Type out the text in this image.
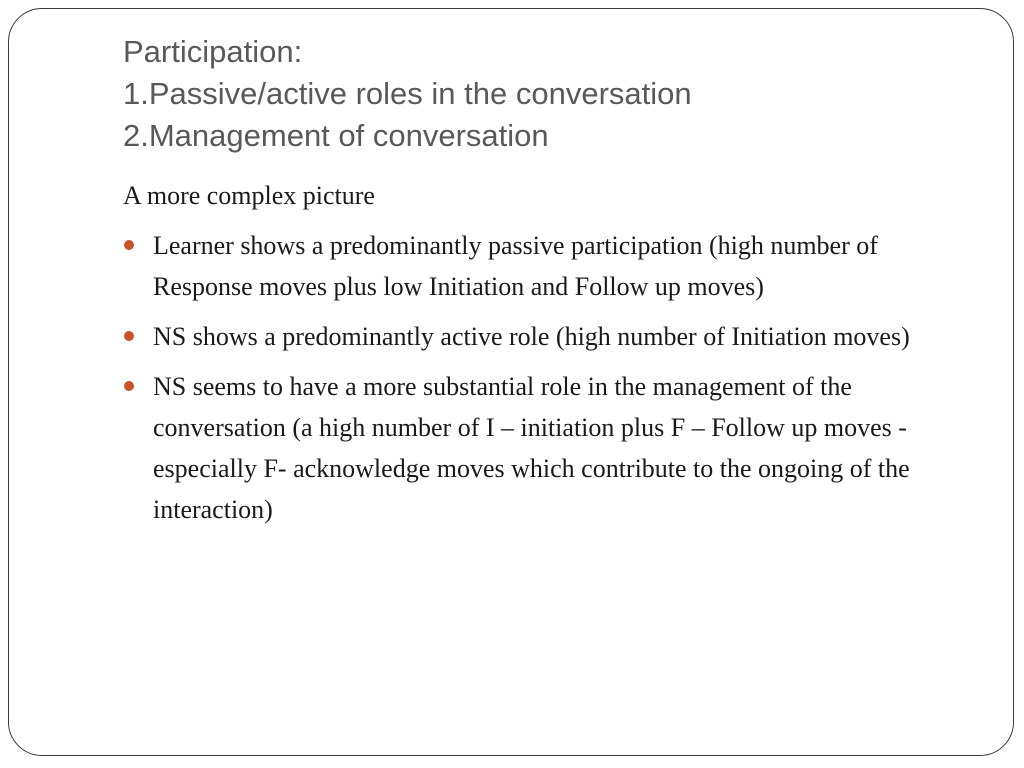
Participation:
1.Passive/active roles in the conversation
2.Management of conversation
A more complex picture
Learner shows a predominantly passive participation (high number of Response moves plus low Initiation and Follow up moves)
NS shows a predominantly active role (high number of Initiation moves)
NS seems to have a more substantial role in the management of the conversation (a high number of I – initiation plus F – Follow up moves - especially F- acknowledge moves which contribute to the ongoing of the interaction)
